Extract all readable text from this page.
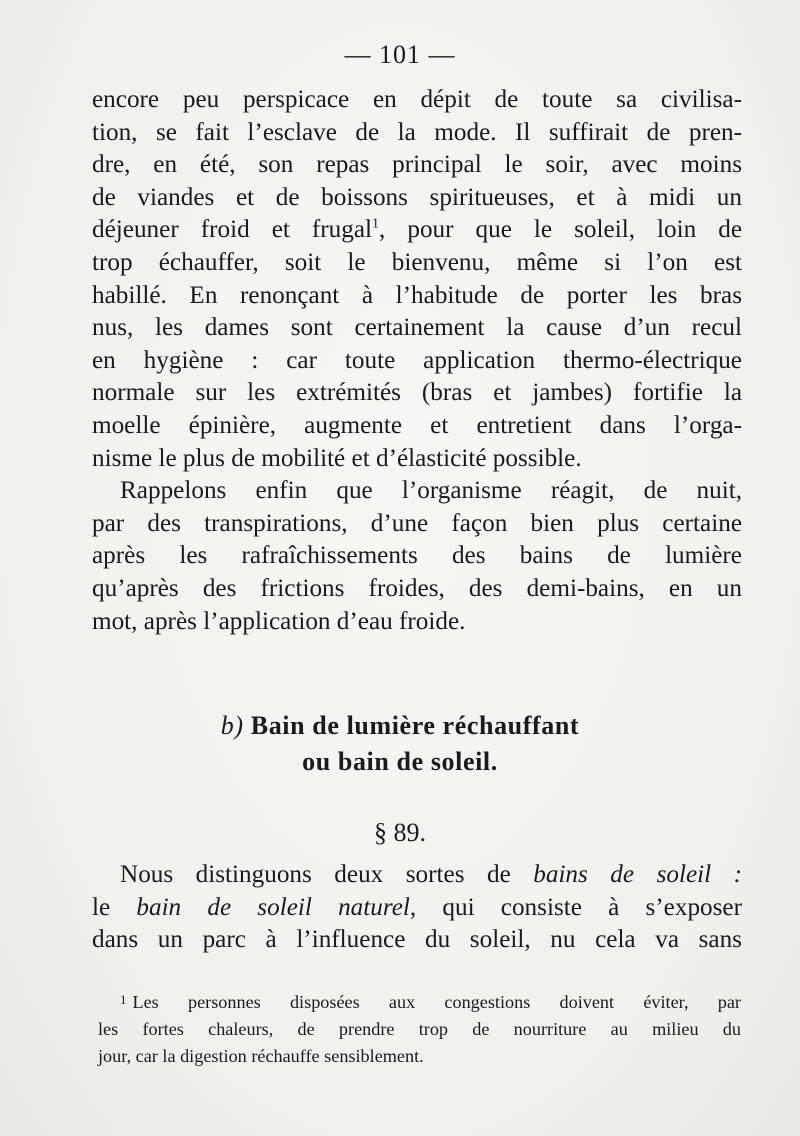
— 101 —
encore peu perspicace en dépit de toute sa civilisa-
tion, se fait l’esclave de la mode. Il suffirait de pren-
dre, en été, son repas principal le soir, avec moins
de viandes et de boissons spiritueuses, et à midi un
déjeuner froid et frugal$^1$, pour que le soleil, loin de
trop échauffer, soit le bienvenu, même si l’on est
habillé. En renonçant à l’habitude de porter les bras
nus, les dames sont certainement la cause d’un recul
en hygiène : car toute application thermo-électrique
normale sur les extrémités (bras et jambes) fortifie la
moelle épinière, augmente et entretient dans l’orga-
nisme le plus de mobilité et d’élasticité possible.
Rappelons enfin que l’organisme réagit, de nuit,
par des transpirations, d’une façon bien plus certaine
après les rafraîchissements des bains de lumière
qu’après des frictions froides, des demi-bains, en un
mot, après l’application d’eau froide.
b) Bain de lumière réchauffant
ou bain de soleil.
§ 89.
Nous distinguons deux sortes de bains de soleil :
le bain de soleil naturel, qui consiste à s’exposer
dans un parc à l’influence du soleil, nu cela va sans
$^1$ Les personnes disposées aux congestions doivent éviter, par
les fortes chaleurs, de prendre trop de nourriture au milieu du
jour, car la digestion réchauffe sensiblement.
